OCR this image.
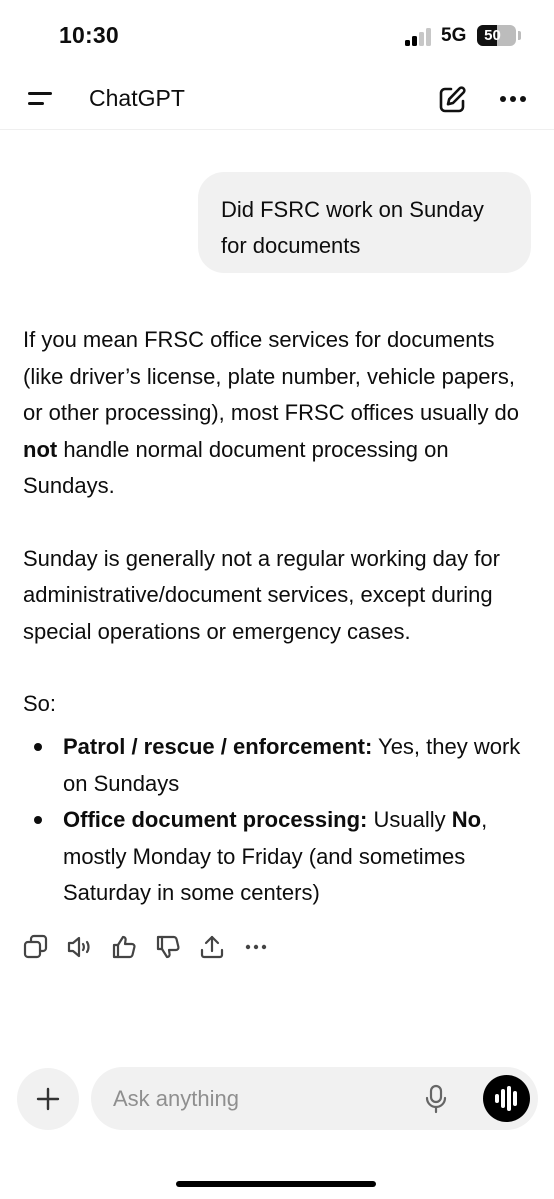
10:30	5G	50
ChatGPT
Did FSRC work on Sunday for documents

If you mean FRSC office services for documents (like driver’s license, plate number, vehicle papers, or other processing), most FRSC offices usually do not handle normal document processing on Sundays.

Sunday is generally not a regular working day for administrative/document services, except during special operations or emergency cases.

So:

Patrol / rescue / enforcement: Yes, they work on Sundays
Office document processing: Usually No, mostly Monday to Friday (and sometimes Saturday in some centers)
Ask anything
